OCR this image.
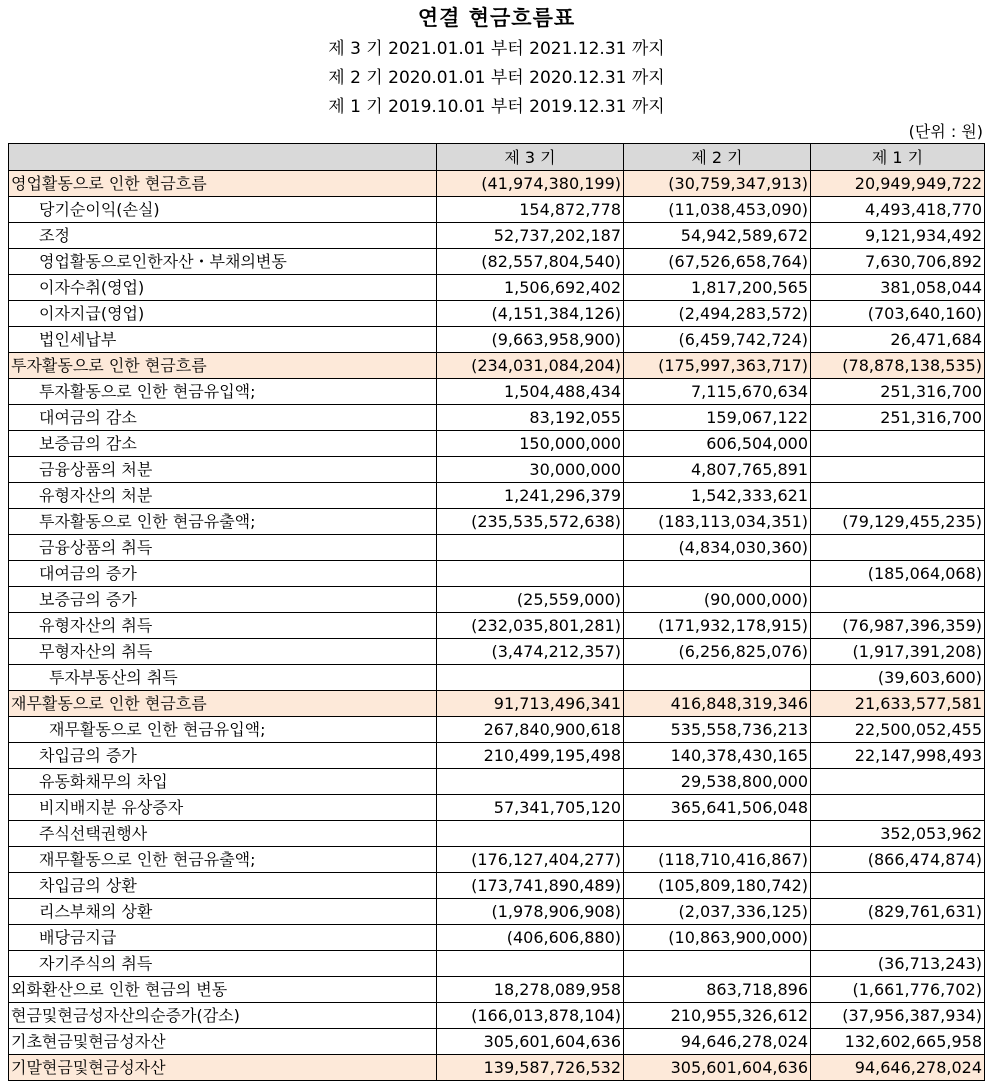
연결 현금흐름표
제 3 기 2021.01.01 부터 2021.12.31 까지
제 2 기 2020.01.01 부터 2020.12.31 까지
제 1 기 2019.10.01 부터 2019.12.31 까지
(단위 : 원)
	제 3 기	제 2 기	제 1 기
영업활동으로 인한 현금흐름	(41,974,380,199)	(30,759,347,913)	20,949,949,722
당기순이익(손실)	154,872,778	(11,038,453,090)	4,493,418,770
조정	52,737,202,187	54,942,589,672	9,121,934,492
영업활동으로인한자산・부채의변동	(82,557,804,540)	(67,526,658,764)	7,630,706,892
이자수취(영업)	1,506,692,402	1,817,200,565	381,058,044
이자지급(영업)	(4,151,384,126)	(2,494,283,572)	(703,640,160)
법인세납부	(9,663,958,900)	(6,459,742,724)	26,471,684
투자활동으로 인한 현금흐름	(234,031,084,204)	(175,997,363,717)	(78,878,138,535)
투자활동으로 인한 현금유입액;	1,504,488,434	7,115,670,634	251,316,700
대여금의 감소	83,192,055	159,067,122	251,316,700
보증금의 감소	150,000,000	606,504,000	
금융상품의 처분	30,000,000	4,807,765,891	
유형자산의 처분	1,241,296,379	1,542,333,621	
투자활동으로 인한 현금유출액;	(235,535,572,638)	(183,113,034,351)	(79,129,455,235)
금융상품의 취득		(4,834,030,360)	
대여금의 증가			(185,064,068)
보증금의 증가	(25,559,000)	(90,000,000)	
유형자산의 취득	(232,035,801,281)	(171,932,178,915)	(76,987,396,359)
무형자산의 취득	(3,474,212,357)	(6,256,825,076)	(1,917,391,208)
투자부동산의 취득			(39,603,600)
재무활동으로 인한 현금흐름	91,713,496,341	416,848,319,346	21,633,577,581
재무활동으로 인한 현금유입액;	267,840,900,618	535,558,736,213	22,500,052,455
차입금의 증가	210,499,195,498	140,378,430,165	22,147,998,493
유동화채무의 차입		29,538,800,000	
비지배지분 유상증자	57,341,705,120	365,641,506,048	
주식선택권행사			352,053,962
재무활동으로 인한 현금유출액;	(176,127,404,277)	(118,710,416,867)	(866,474,874)
차입금의 상환	(173,741,890,489)	(105,809,180,742)	
리스부채의 상환	(1,978,906,908)	(2,037,336,125)	(829,761,631)
배당금지급	(406,606,880)	(10,863,900,000)	
자기주식의 취득			(36,713,243)
외화환산으로 인한 현금의 변동	18,278,089,958	863,718,896	(1,661,776,702)
현금및현금성자산의순증가(감소)	(166,013,878,104)	210,955,326,612	(37,956,387,934)
기초현금및현금성자산	305,601,604,636	94,646,278,024	132,602,665,958
기말현금및현금성자산	139,587,726,532	305,601,604,636	94,646,278,024
